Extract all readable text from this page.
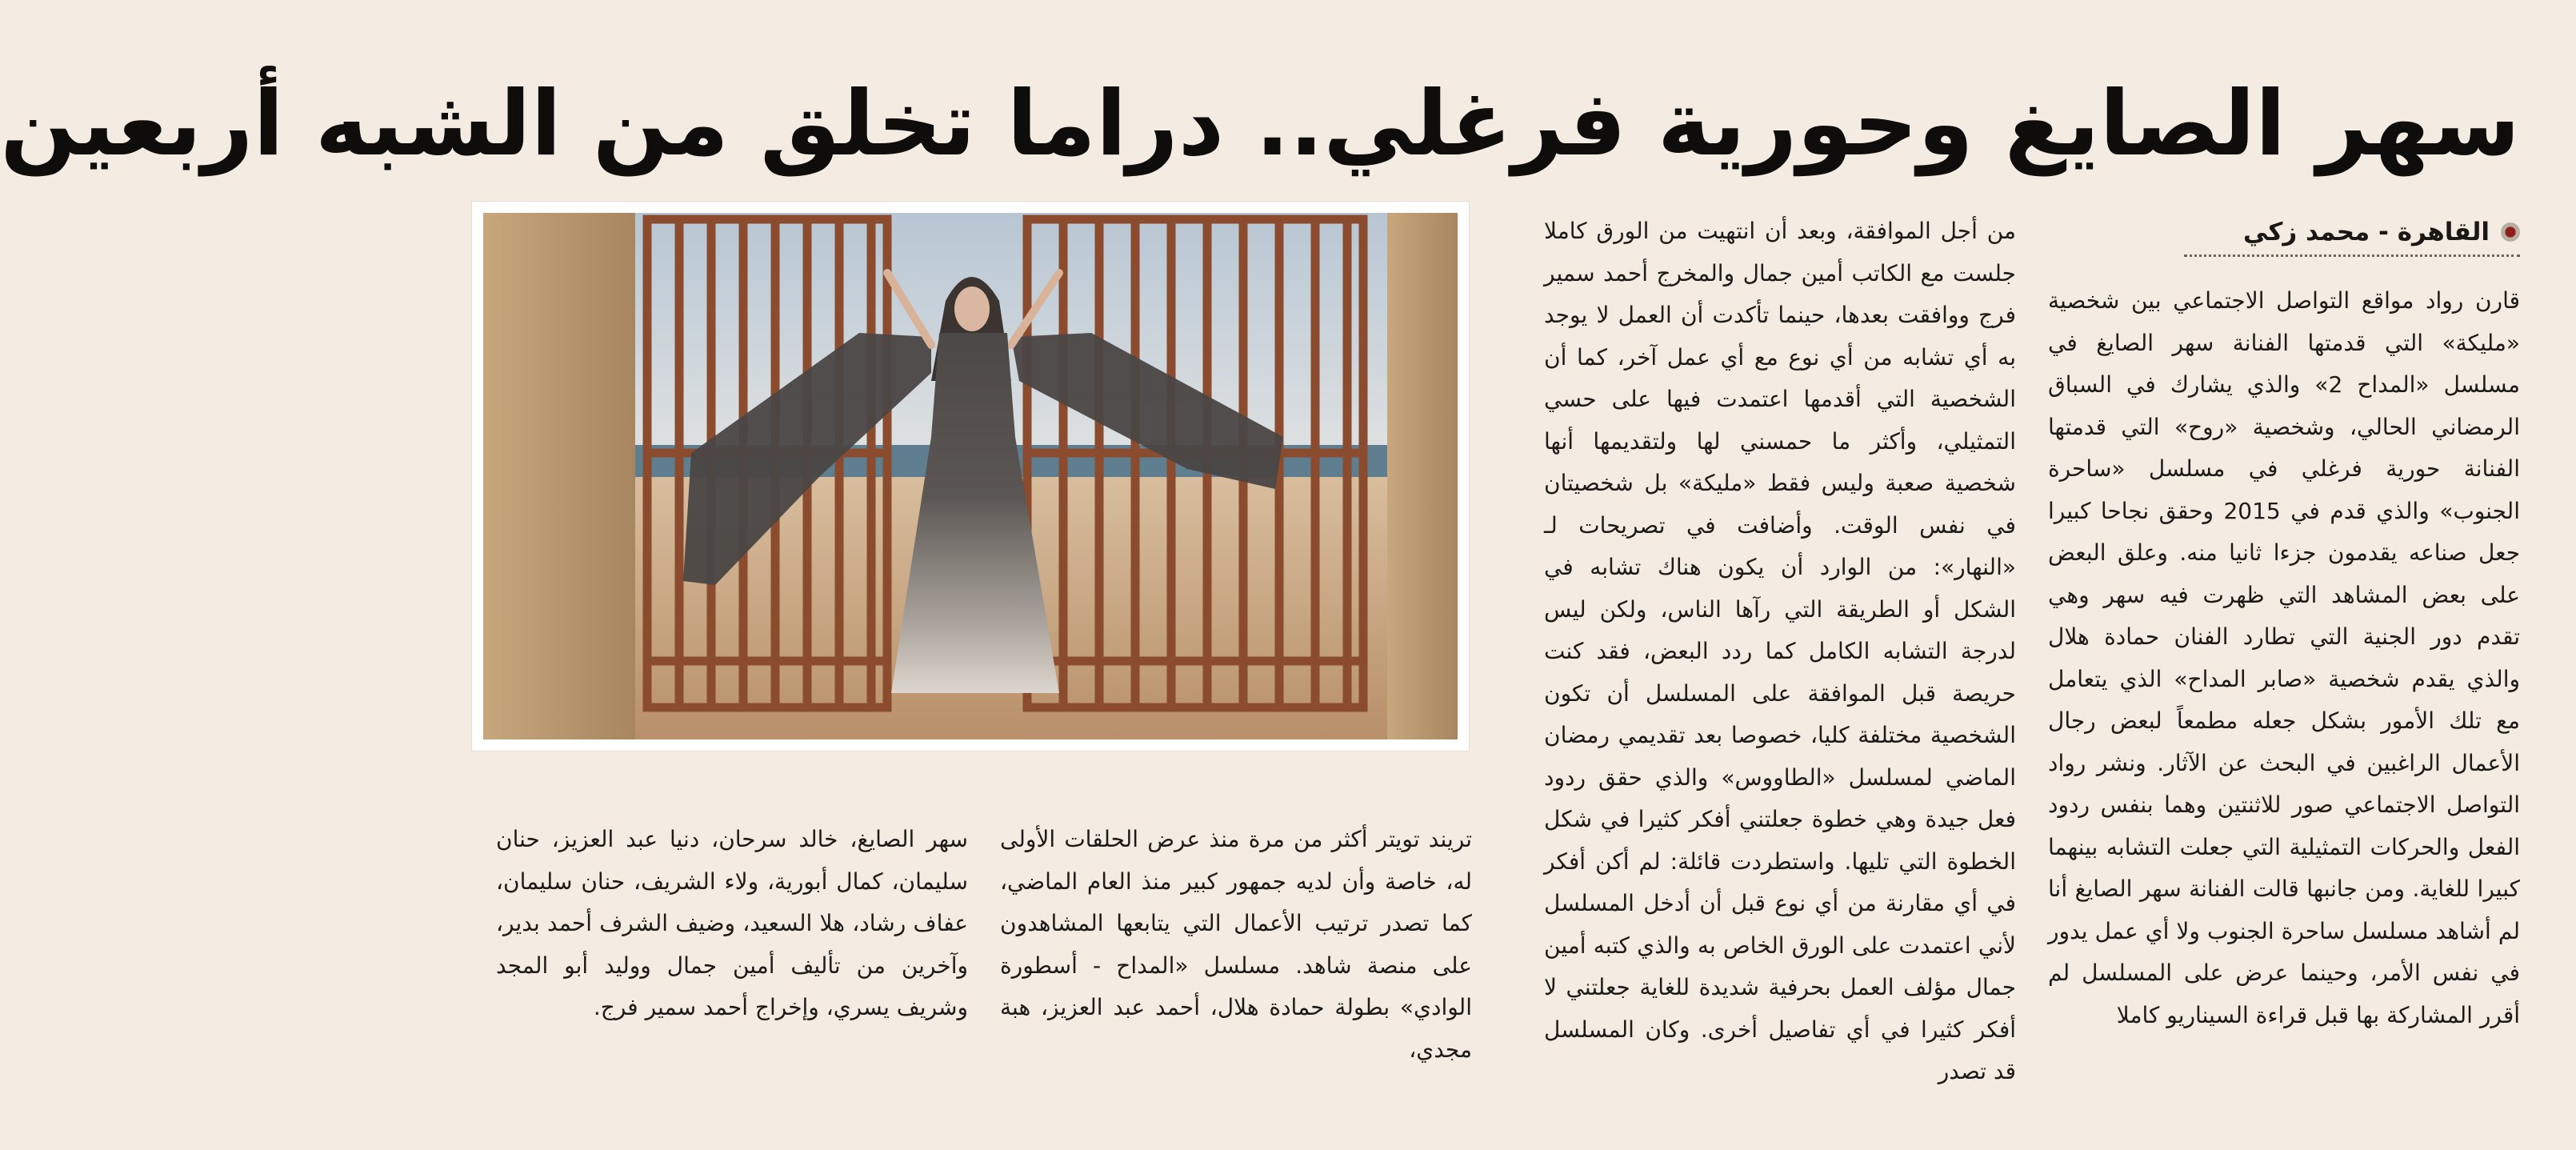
سهر الصايغ وحورية فرغلي.. دراما تخلق من الشبه أربعين
القاهرة - محمد زكي

قارن رواد مواقع التواصل الاجتماعي بين شخصية «مليكة» التي قدمتها الفنانة سهر الصايغ في مسلسل «المداح 2» والذي يشارك في السباق الرمضاني الحالي، وشخصية «روح» التي قدمتها الفنانة حورية فرغلي في مسلسل «ساحرة الجنوب» والذي قدم في 2015 وحقق نجاحا كبيرا جعل صناعه يقدمون جزءا ثانيا منه. وعلق البعض على بعض المشاهد التي ظهرت فيه سهر وهي تقدم دور الجنية التي تطارد الفنان حمادة هلال والذي يقدم شخصية «صابر المداح» الذي يتعامل مع تلك الأمور بشكل جعله مطمعاً لبعض رجال الأعمال الراغبين في البحث عن الآثار. ونشر رواد التواصل الاجتماعي صور للاثنتين وهما بنفس ردود الفعل والحركات التمثيلية التي جعلت التشابه بينهما كبيرا للغاية. ومن جانبها قالت الفنانة سهر الصايغ أنا لم أشاهد مسلسل ساحرة الجنوب ولا أي عمل يدور في نفس الأمر، وحينما عرض على المسلسل لم أقرر المشاركة بها قبل قراءة السيناريو كاملا

من أجل الموافقة، وبعد أن انتهيت من الورق كاملا جلست مع الكاتب أمين جمال والمخرج أحمد سمير فرج ووافقت بعدها، حينما تأكدت أن العمل لا يوجد به أي تشابه من أي نوع مع أي عمل آخر، كما أن الشخصية التي أقدمها اعتمدت فيها على حسي التمثيلي، وأكثر ما حمسني لها ولتقديمها أنها شخصية صعبة وليس فقط «مليكة» بل شخصيتان في نفس الوقت. وأضافت في تصريحات لـ «النهار»: من الوارد أن يكون هناك تشابه في الشكل أو الطريقة التي رآها الناس، ولكن ليس لدرجة التشابه الكامل كما ردد البعض، فقد كنت حريصة قبل الموافقة على المسلسل أن تكون الشخصية مختلفة كليا، خصوصا بعد تقديمي رمضان الماضي لمسلسل «الطاووس» والذي حقق ردود فعل جيدة وهي خطوة جعلتني أفكر كثيرا في شكل الخطوة التي تليها. واستطردت قائلة: لم أكن أفكر في أي مقارنة من أي نوع قبل أن أدخل المسلسل لأني اعتمدت على الورق الخاص به والذي كتبه أمين جمال مؤلف العمل بحرفية شديدة للغاية جعلتني لا أفكر كثيرا في أي تفاصيل أخرى. وكان المسلسل قد تصدر

تريند تويتر أكثر من مرة منذ عرض الحلقات الأولى له، خاصة وأن لديه جمهور كبير منذ العام الماضي، كما تصدر ترتيب الأعمال التي يتابعها المشاهدون على منصة شاهد. مسلسل «المداح - أسطورة الوادي» بطولة حمادة هلال، أحمد عبد العزيز، هبة مجدي،

سهر الصايغ، خالد سرحان، دنيا عبد العزيز، حنان سليمان، كمال أبورية، ولاء الشريف، حنان سليمان، عفاف رشاد، هلا السعيد، وضيف الشرف أحمد بدير، وآخرين من تأليف أمين جمال ووليد أبو المجد وشريف يسري، وإخراج أحمد سمير فرج.
